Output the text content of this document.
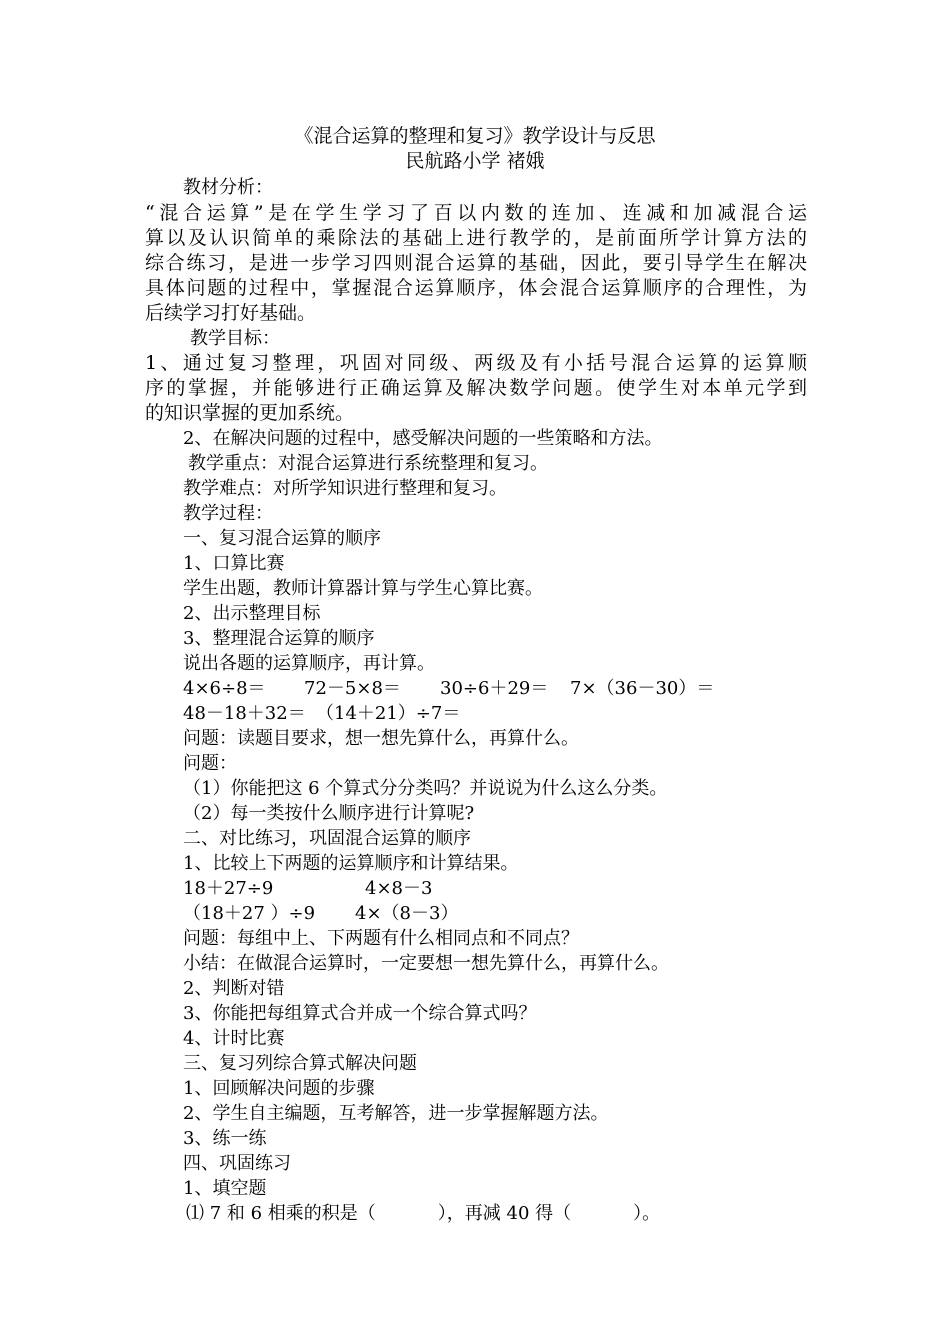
《混合运算的整理和复习》教学设计与反思
民航路小学 褚娥
教材分析：
“混合运算”是在学生学习了百以内数的连加、连减和加减混合运
算以及认识简单的乘除法的基础上进行教学的，是前面所学计算方法的
综合练习，是进一步学习四则混合运算的基础，因此，要引导学生在解决
具体问题的过程中，掌握混合运算顺序，体会混合运算顺序的合理性，为
后续学习打好基础。
教学目标：
1、通过复习整理，巩固对同级、两级及有小括号混合运算的运算顺
序的掌握，并能够进行正确运算及解决数学问题。使学生对本单元学到
的知识掌握的更加系统。
2、在解决问题的过程中，感受解决问题的一些策略和方法。
教学重点：对混合运算进行系统整理和复习。
教学难点：对所学知识进行整理和复习。
教学过程：
一、复习混合运算的顺序
1、口算比赛
学生出题，教师计算器计算与学生心算比赛。
2、出示整理目标
3、整理混合运算的顺序
说出各题的运算顺序，再计算。
4×6÷8＝ 72－5×8＝ 30÷6＋29＝ 7×（36－30）＝
48－18＋32＝ （14＋21）÷7＝
问题：读题目要求，想一想先算什么，再算什么。
问题：
（1）你能把这 6 个算式分分类吗？并说说为什么这么分类。
（2）每一类按什么顺序进行计算呢?
二、对比练习，巩固混合运算的顺序
1、比较上下两题的运算顺序和计算结果。
18＋27÷9	4×8－3
（18＋27 ）÷9 4×（8－3）
问题：每组中上、下两题有什么相同点和不同点？
小结：在做混合运算时，一定要想一想先算什么，再算什么。
2、判断对错
3、你能把每组算式合并成一个综合算式吗？
4、计时比赛
三、复习列综合算式解决问题
1、回顾解决问题的步骤
2、学生自主编题，互考解答，进一步掌握解题方法。
3、练一练
四、巩固练习
1、填空题
⑴ 7 和 6 相乘的积是（	），再减 40 得（	）。
